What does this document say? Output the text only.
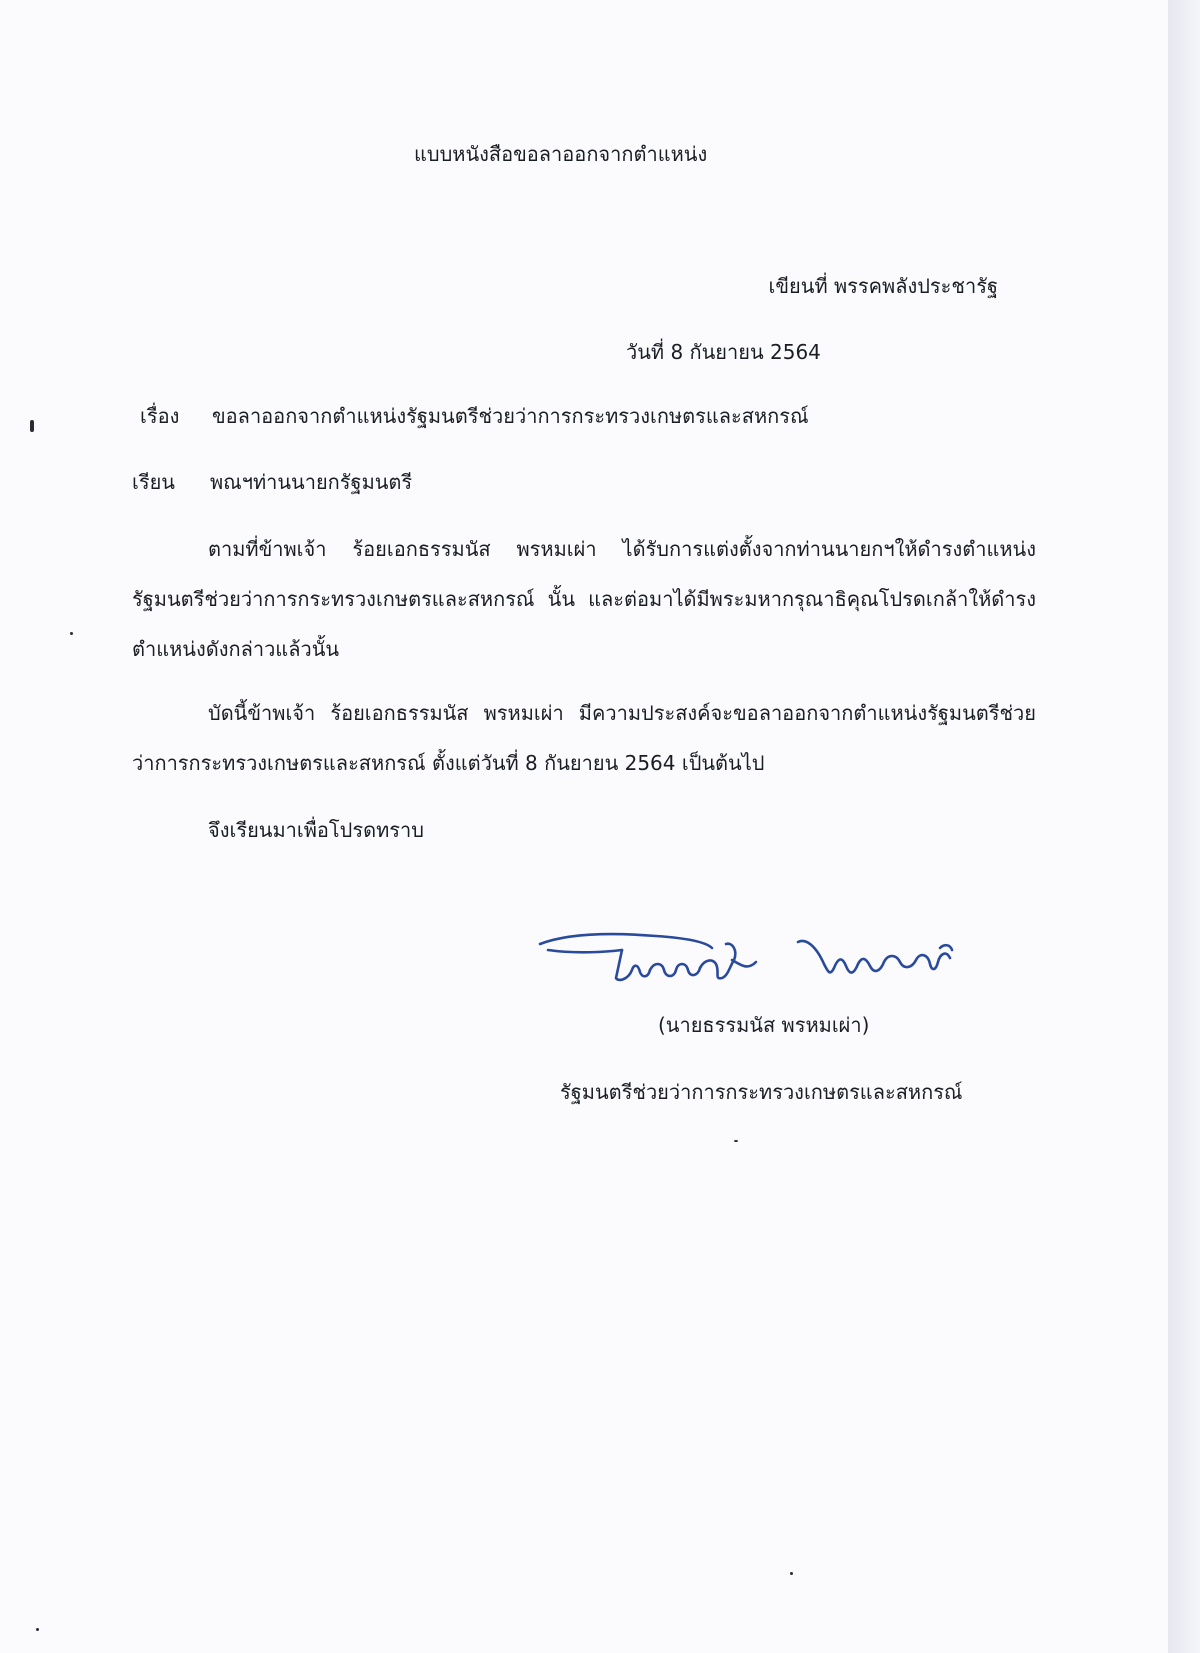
แบบหนังสือขอลาออกจากตำแหน่ง
เขียนที่ พรรคพลังประชารัฐ
วันที่ 8 กันยายน 2564
เรื่อง ขอลาออกจากตำแหน่งรัฐมนตรีช่วยว่าการกระทรวงเกษตรและสหกรณ์
เรียน พณฯท่านนายกรัฐมนตรี
ตามที่ข้าพเจ้า ร้อยเอกธรรมนัส พรหมเผ่า ได้รับการแต่งตั้งจากท่านนายกฯให้ดำรงตำแหน่ง รัฐมนตรีช่วยว่าการกระทรวงเกษตรและสหกรณ์ นั้น และต่อมาได้มีพระมหากรุณาธิคุณโปรดเกล้าให้ดำรงตำแหน่งดังกล่าวแล้วนั้น
บัดนี้ข้าพเจ้า ร้อยเอกธรรมนัส พรหมเผ่า มีความประสงค์จะขอลาออกจากตำแหน่งรัฐมนตรีช่วยว่าการกระทรวงเกษตรและสหกรณ์ ตั้งแต่วันที่ 8 กันยายน 2564 เป็นต้นไป
จึงเรียนมาเพื่อโปรดทราบ
(นายธรรมนัส พรหมเผ่า)
รัฐมนตรีช่วยว่าการกระทรวงเกษตรและสหกรณ์
